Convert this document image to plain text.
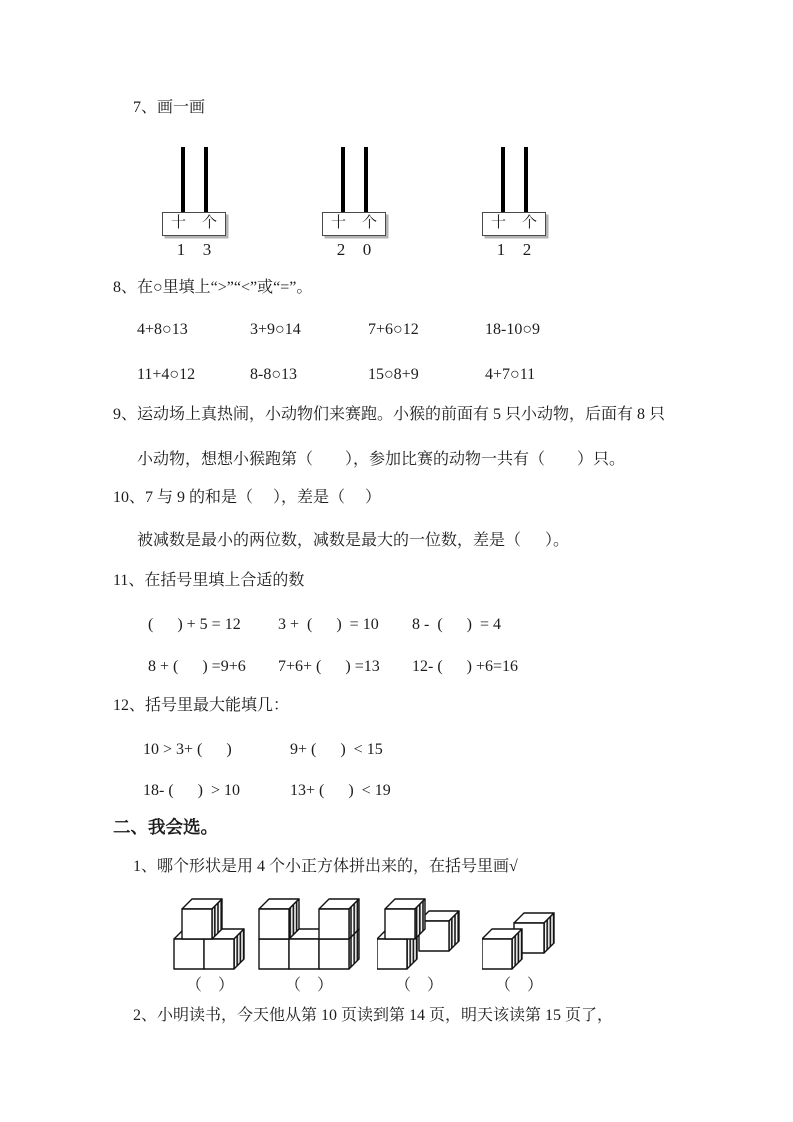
7、画一画
十 个
1 3
十 个
2 0
十 个
1 2
8、在○里填上“>”“<”或“=”。
4+8○13	3+9○14	7+6○12	18-10○9
11+4○12	8-8○13	15○8+9	4+7○11
9、运动场上真热闹，小动物们来赛跑。小猴的前面有 5 只小动物，后面有 8 只
小动物，想想小猴跑第（        ），参加比赛的动物一共有（        ）只。
10、7 与 9 的和是（     ），差是（     ）
被减数是最小的两位数，减数是最大的一位数，差是（      ）。
11、在括号里填上合适的数
(      ) + 5 = 12	3 +  (      )  = 10	8 -  (      )  = 4
8 + (      ) =9+6	7+6+ (      ) =13	12- (      ) +6=16
12、括号里最大能填几：
10 > 3+ (      )	9+ (      )  < 15
18- (      )  > 10	13+ (      )  < 19
二、我会选。
1、哪个形状是用 4 个小正方体拼出来的，在括号里画√
（　）	（　）	（　）	（　）
2、小明读书，今天他从第 10 页读到第 14 页，明天该读第 15 页了，
